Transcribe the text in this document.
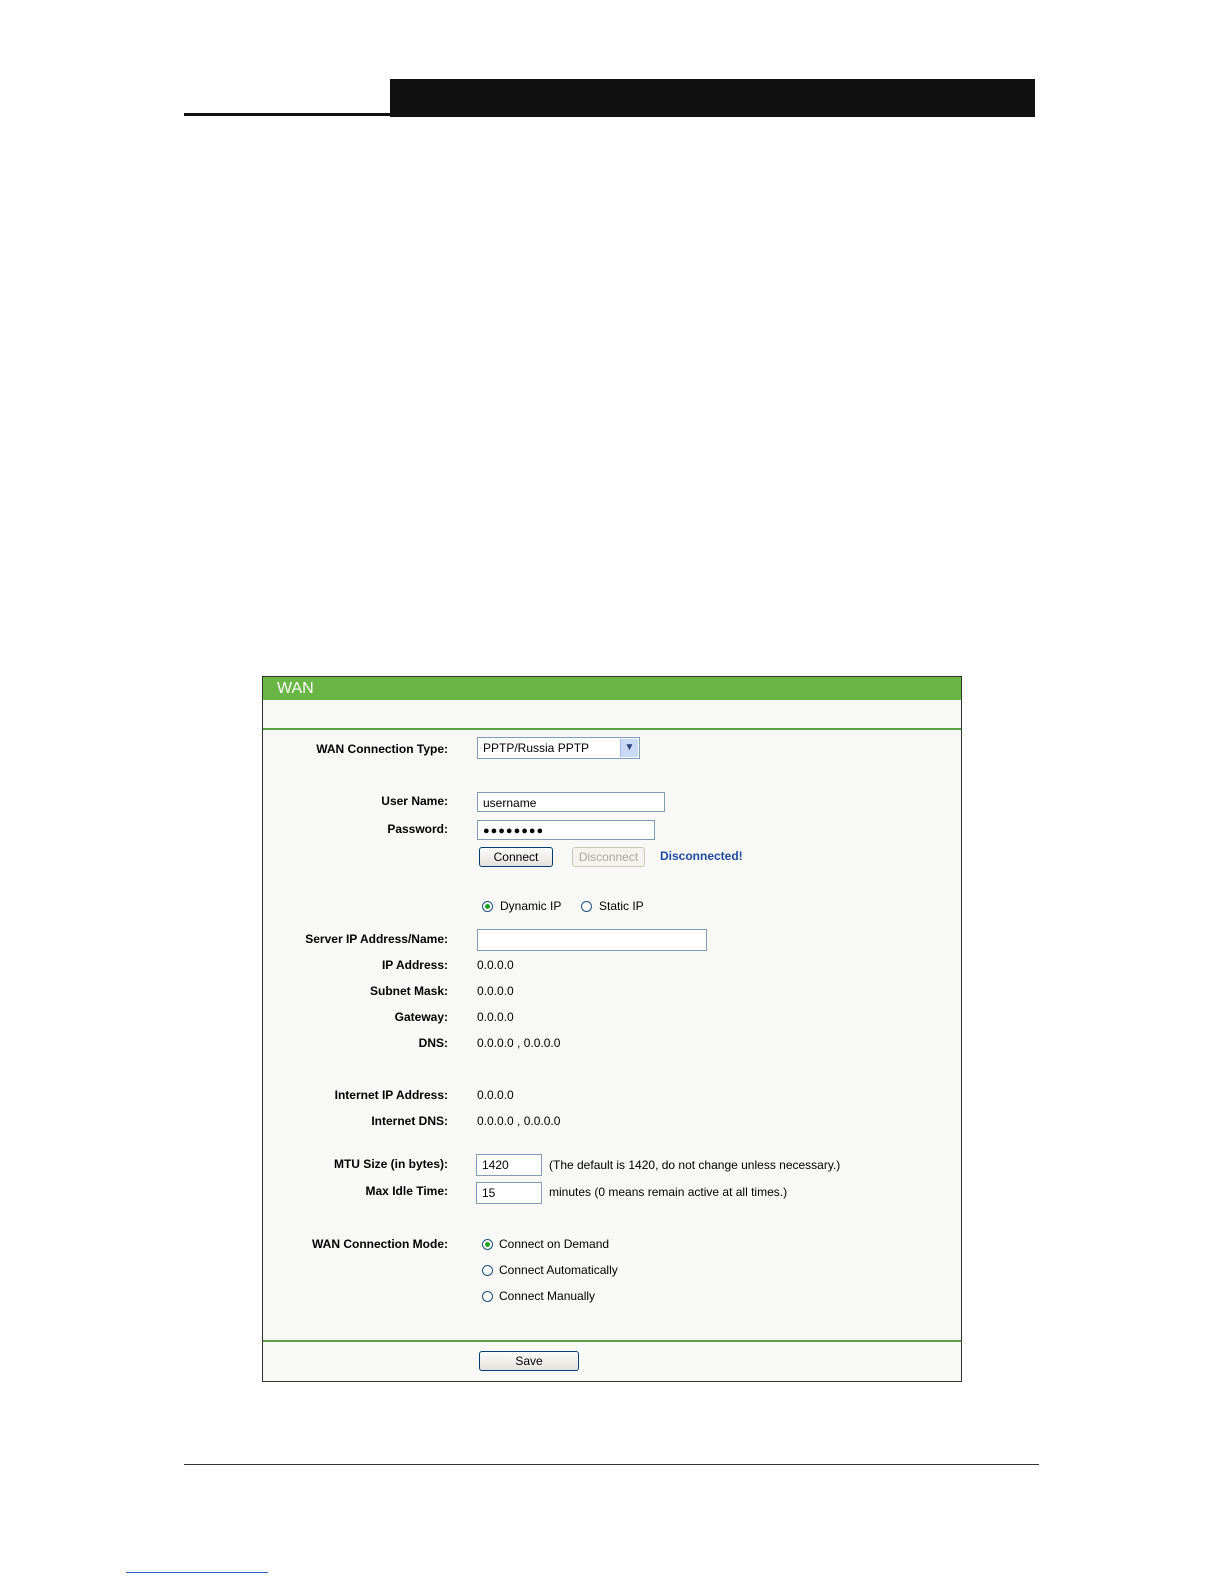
WAN
WAN Connection Type:	PPTP/Russia PPTP	▼
User Name:	username
Password:	●●●●●●●●
Connect	Disconnect	Disconnected!
Dynamic IP	Static IP
Server IP Address/Name:
IP Address: 0.0.0.0
Subnet Mask: 0.0.0.0
Gateway: 0.0.0.0
DNS: 0.0.0.0 , 0.0.0.0
Internet IP Address: 0.0.0.0
Internet DNS: 0.0.0.0 , 0.0.0.0
MTU Size (in bytes):	1420	(The default is 1420, do not change unless necessary.)
Max Idle Time:	15	minutes (0 means remain active at all times.)
WAN Connection Mode:	Connect on Demand
Connect Automatically
Connect Manually
Save
